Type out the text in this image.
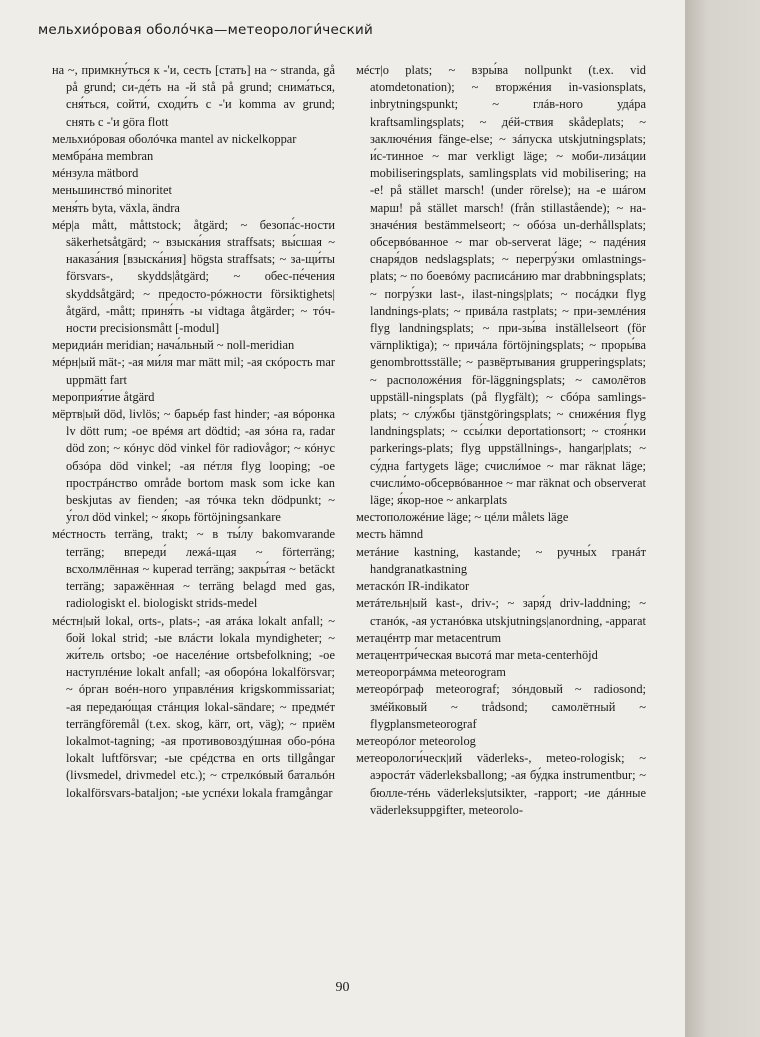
мельхиóровая оболóчка—метеорологи́ческий

на ~, примкну́ться к -'и, сесть [стать] на ~ stranda, gå på grund; си-де́ть на -й stå på grund; снима́ться, сня́ться, сойти́, сходи́ть с -'и komma av grund; снять с -'и göra flott

мельхиóровая оболóчка mantel av nickelkoppar

мембра́на membran

мéнзула mätbord

меньшинствó minoritet

меня́ть byta, växla, ändra

мéр|а mått, måttstock; åtgärd; ~ безопа́с-ности säkerhetsåtgärd; ~ взыска́ния straffsats; вы́сшая ~ наказа́ния [взыска́ния] högsta straffsats; ~ за-щи́ты försvars-, skydds|åtgärd; ~ обес-пе́чения skyddsåtgärd; ~ предосто-рóжности försiktighets|åtgärd, -mått; приня́ть -ы vidtaga åtgärder; ~ тóч-ности precisionsmått [-modul]

меридиáн meridian; нача́льный ~ noll-meridian

мéрн|ый mät-; -ая ми́ля mar mätt mil; -ая скóрость mar uppmätt fart

мероприя́тие åtgärd

мёртв|ый död, livlös; ~ барьéр fast hinder; -ая вóронка lv dött rum; -ое врéмя art dödtid; -ая зóна ra, radar död zon; ~ кóнус död vinkel för radiovågor; ~ кóнус обзóра död vinkel; -ая пéтля flyg looping; -ое прострáнство område bortom mask som icke kan beskjutas av fienden; -ая тóчка tekn dödpunkt; ~ у́гол död vinkel; ~ я́корь förtöjningsankare

мéстность terräng, trakt; ~ в ты́лу bakomvarande terräng; впереди́ лежá-щая ~ förterräng; всхолмлённая ~ kuperad terräng; закры́тая ~ betäckt terräng; заражённая ~ terräng belagd med gas, radiologiskt el. biologiskt strids-medel

мéстн|ый lokal, orts-, plats-; -ая атáка lokalt anfall; ~ бой lokal strid; -ые влáсти lokala myndigheter; ~ жи́тель ortsbo; -ое населéние ortsbefolkning; -ое наступлéние lokalt anfall; -ая оборóна lokalförsvar; ~ óрган воéн-ного управлéния krigskommissariat; -ая передаю́щая стáнция lokal-sändare; ~ предмéт terrängföremål (t.ex. skog, kärr, ort, väg); ~ приём lokalmot-tagning; -ая противовоздýшная обо-рóна lokalt luftförsvar; -ые срéдства en orts tillgångar (livsmedel, drivmedel etc.); ~ стрелкóвый батальóн lokalförsvars-bataljon; -ые успéхи lokala framgångar

мéст|о plats; ~ взры́ва nollpunkt (t.ex. vid atomdetonation); ~ вторжéния in-vasionsplats, inbrytningspunkt; ~ глáв-ного удáра kraftsamlingsplats; ~ дéй-ствия skådeplats; ~ заключéния fänge-else; ~ зáпуска utskjutningsplats; и́с-тинное ~ mar verkligt läge; ~ моби-лизáции mobiliseringsplats, samlingsplats vid mobilisering; на -е! på stället marsch! (under rörelse); на -е шáгом марш! på stället marsch! (från stillastående); ~ на-значéния bestämmelseort; ~ обóза un-derhållsplats; обсервóванное ~ mar ob-serverat läge; ~ падéния снаря́дов nedslagsplats; ~ перегру́зки omlastnings-plats; ~ по боевóму расписáнию mar drabbningsplats; ~ погру́зки last-, ilast-nings|plats; ~ посáдки flyg landnings-plats; ~ привáла rastplats; ~ при-землéния flyg landningsplats; ~ при-зы́ва inställelseort (för värnpliktiga); ~ причáла förtöjningsplats; ~ проры́ва genombrottsställe; ~ развёртывания grupperingsplats; ~ расположéния för-läggningsplats; ~ самолётов uppställ-ningsplats (på flygfält); ~ сбóра samlings-plats; ~ слу́жбы tjänstgöringsplats; ~ снижéния flyg landningsplats; ~ ссы́лки deportationsort; ~ стоя́нки parkerings-plats; flyg uppställnings-, hangar|plats; ~ су́дна fartygets läge; счисли́мое ~ mar räknat läge; счисли́мо-обсервóванное ~ mar räknat och observerat läge; я́кор-ное ~ ankarplats

местоположéние läge; ~ цéли målets läge

месть hämnd

метáние kastning, kastande; ~ ручны́х гранáт handgranatkastning

метаскóп IR-indikator

метáтельн|ый kast-, driv-; ~ заря́д driv-laddning; ~ станóк, -ая устанóвка utskjutnings|anordning, -apparat

метацéнтр mar metacentrum

метацентри́ческая высотá mar meta-centerhöjd

метеорогрáмма meteorogram

метеорóграф meteorograf; зóндовый ~ radiosond; змéйковый ~ trådsond; самолётный ~ flygplansmeteorograf

метеорóлог meteorolog

метеорологи́ческ|ий väderleks-, meteo-rologisk; ~ аэростáт väderleksballong; -ая бу́дка instrumentbur; ~ бюллe-тéнь väderleks|utsikter, -rapport; -ие дáнные väderleksuppgifter, meteorolo-

90
